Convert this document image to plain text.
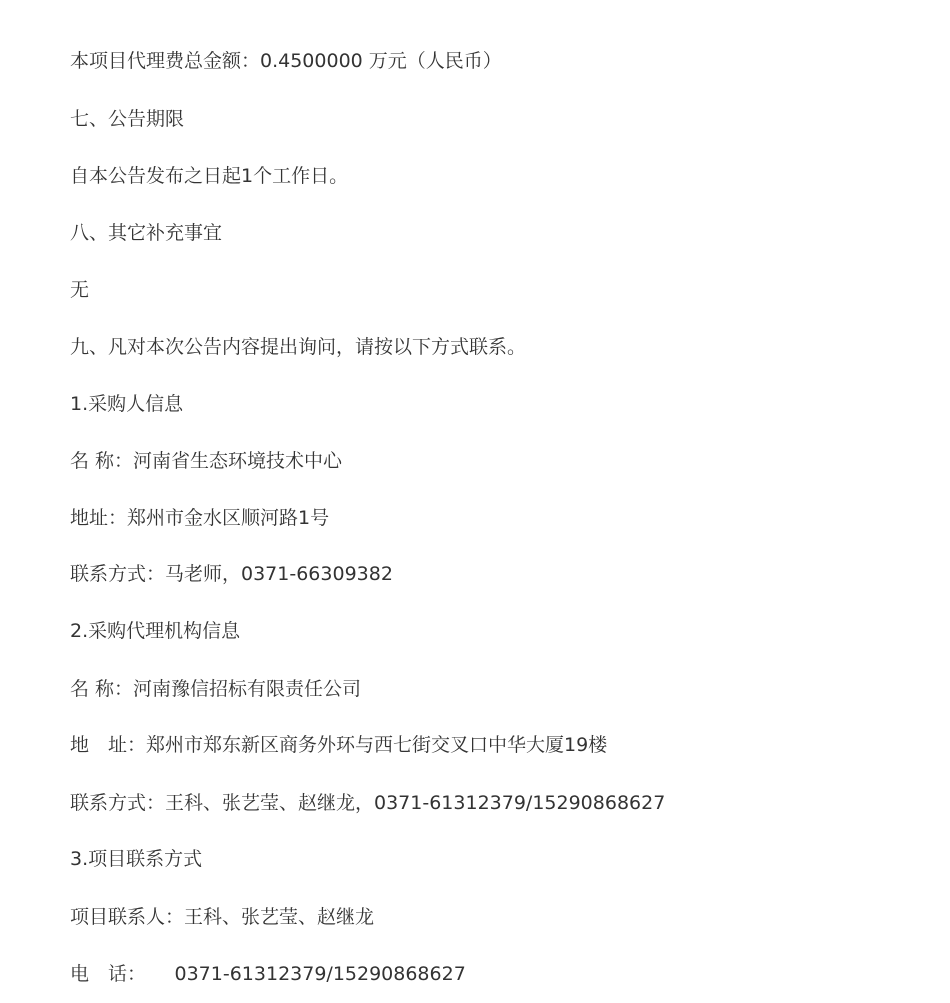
本项目代理费总金额：0.4500000 万元（人民币）
七、公告期限
自本公告发布之日起1个工作日。
八、其它补充事宜
无
九、凡对本次公告内容提出询问，请按以下方式联系。
1.采购人信息
名 称：河南省生态环境技术中心
地址：郑州市金水区顺河路1号
联系方式：马老师，0371-66309382
2.采购代理机构信息
名 称：河南豫信招标有限责任公司
地　址：郑州市郑东新区商务外环与西七街交叉口中华大厦19楼
联系方式：王科、张艺莹、赵继龙，0371-61312379/15290868627
3.项目联系方式
项目联系人：王科、张艺莹、赵继龙
电　话：　　0371-61312379/15290868627
